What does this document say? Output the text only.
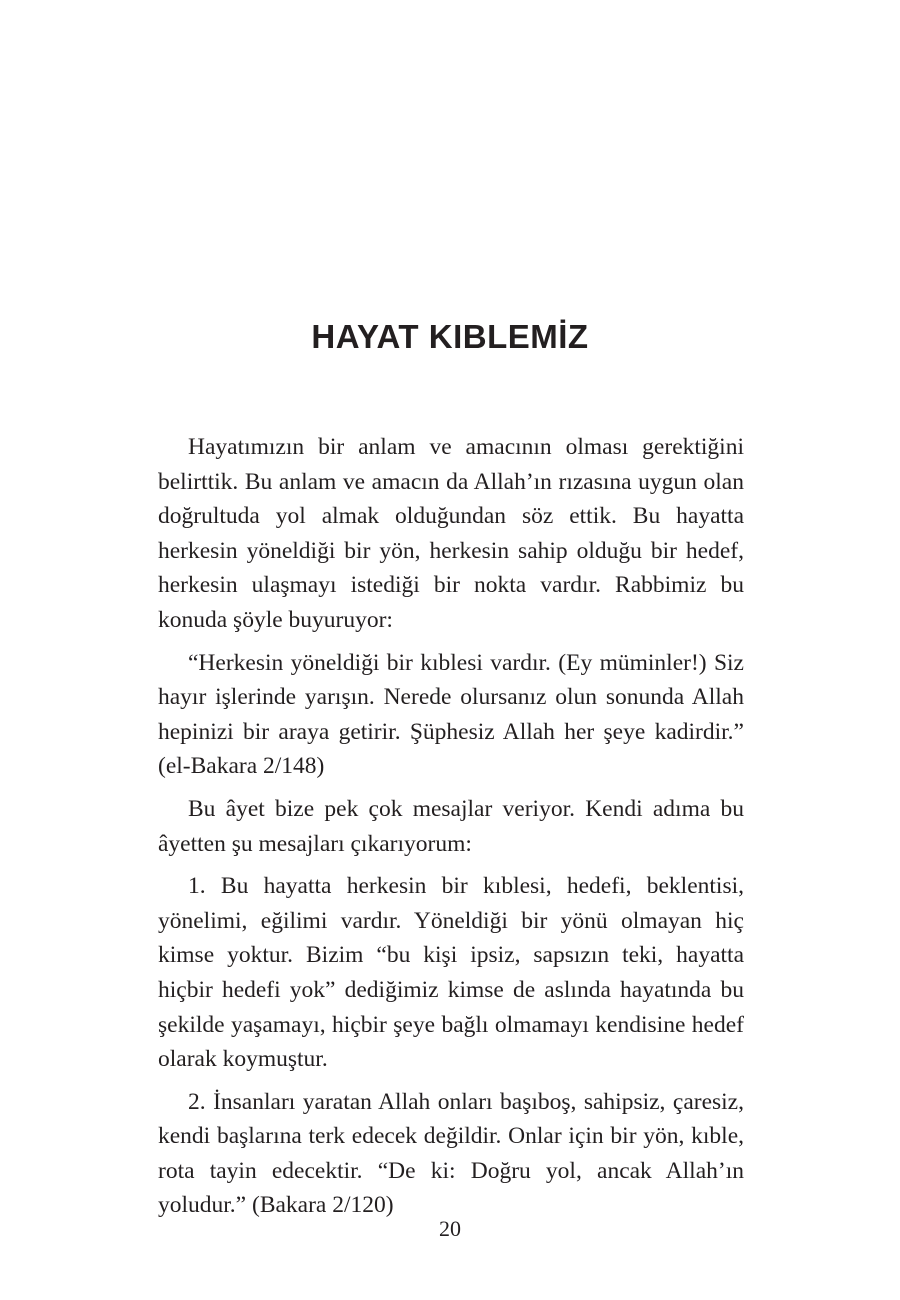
HAYAT KIBLEMİZ

Hayatımızın bir anlam ve amacının olması gerektiğini belirttik. Bu anlam ve amacın da Allah’ın rızasına uygun olan doğrultuda yol almak olduğundan söz ettik. Bu hayatta herkesin yöneldiği bir yön, herkesin sahip olduğu bir hedef, herkesin ulaşmayı istediği bir nokta vardır. Rabbimiz bu konuda şöyle buyuruyor:

“Herkesin yöneldiği bir kıblesi vardır. (Ey müminler!) Siz hayır işlerinde yarışın. Nerede olursanız olun sonunda Allah hepinizi bir araya getirir. Şüphesiz Allah her şeye kadirdir.” (el-Bakara 2/148)

Bu âyet bize pek çok mesajlar veriyor. Kendi adıma bu âyetten şu mesajları çıkarıyorum:

1. Bu hayatta herkesin bir kıblesi, hedefi, beklentisi, yönelimi, eğilimi vardır. Yöneldiği bir yönü olmayan hiç kimse yoktur. Bizim “bu kişi ipsiz, sapsızın teki, hayatta hiçbir hedefi yok” dediğimiz kimse de aslında hayatında bu şekilde yaşamayı, hiçbir şeye bağlı olmamayı kendisine hedef olarak koymuştur.

2. İnsanları yaratan Allah onları başıboş, sahipsiz, çaresiz, kendi başlarına terk edecek değildir. Onlar için bir yön, kıble, rota tayin edecektir. “De ki: Doğru yol, ancak Allah’ın yoludur.” (Bakara 2/120)

20
